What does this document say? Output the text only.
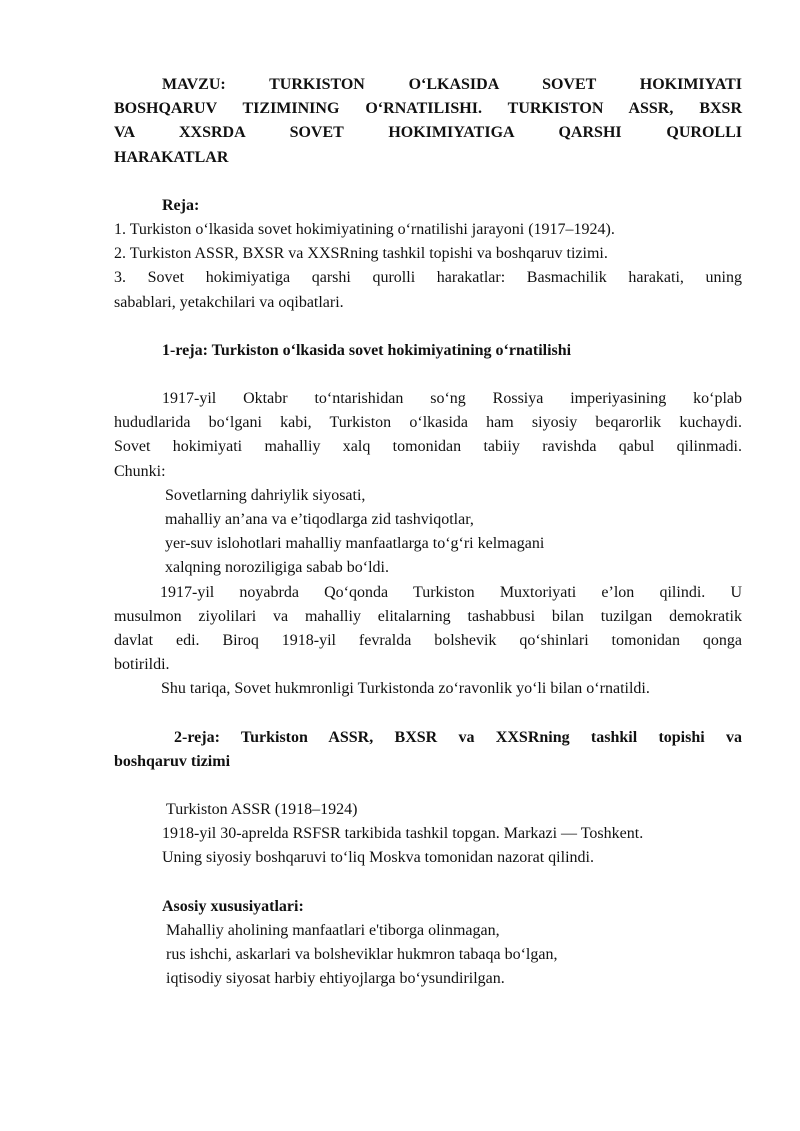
MAVZU: TURKISTON O‘LKASIDA SOVET HOKIMIYATI

BOSHQARUV TIZIMINING O‘RNATILISHI. TURKISTON ASSR, BXSR

VA XXSRDA SOVET HOKIMIYATIGA QARSHI QUROLLI

HARAKATLAR

Reja:

1. Turkiston o‘lkasida sovet hokimiyatining o‘rnatilishi jarayoni (1917–1924).

2. Turkiston ASSR, BXSR va XXSRning tashkil topishi va boshqaruv tizimi.

3. Sovet hokimiyatiga qarshi qurolli harakatlar: Basmachilik harakati, uning

sabablari, yetakchilari va oqibatlari.

1-reja: Turkiston o‘lkasida sovet hokimiyatining o‘rnatilishi

1917-yil Oktabr to‘ntarishidan so‘ng Rossiya imperiyasining ko‘plab

hududlarida bo‘lgani kabi, Turkiston o‘lkasida ham siyosiy beqarorlik kuchaydi.

Sovet hokimiyati mahalliy xalq tomonidan tabiiy ravishda qabul qilinmadi.

Chunki:

Sovetlarning dahriylik siyosati,

mahalliy an’ana va e’tiqodlarga zid tashviqotlar,

yer-suv islohotlari mahalliy manfaatlarga to‘g‘ri kelmagani

xalqning noroziligiga sabab bo‘ldi.

1917-yil noyabrda Qo‘qonda Turkiston Muxtoriyati e’lon qilindi. U

musulmon ziyolilari va mahalliy elitalarning tashabbusi bilan tuzilgan demokratik

davlat edi. Biroq 1918-yil fevralda bolshevik qo‘shinlari tomonidan qonga

botirildi.

Shu tariqa, Sovet hukmronligi Turkistonda zo‘ravonlik yo‘li bilan o‘rnatildi.

2-reja: Turkiston ASSR, BXSR va XXSRning tashkil topishi va

boshqaruv tizimi

Turkiston ASSR (1918–1924)

1918-yil 30-aprelda RSFSR tarkibida tashkil topgan. Markazi — Toshkent.

Uning siyosiy boshqaruvi to‘liq Moskva tomonidan nazorat qilindi.

Asosiy xususiyatlari:

Mahalliy aholining manfaatlari e'tiborga olinmagan,

rus ishchi, askarlari va bolsheviklar hukmron tabaqa bo‘lgan,

iqtisodiy siyosat harbiy ehtiyojlarga bo‘ysundirilgan.
